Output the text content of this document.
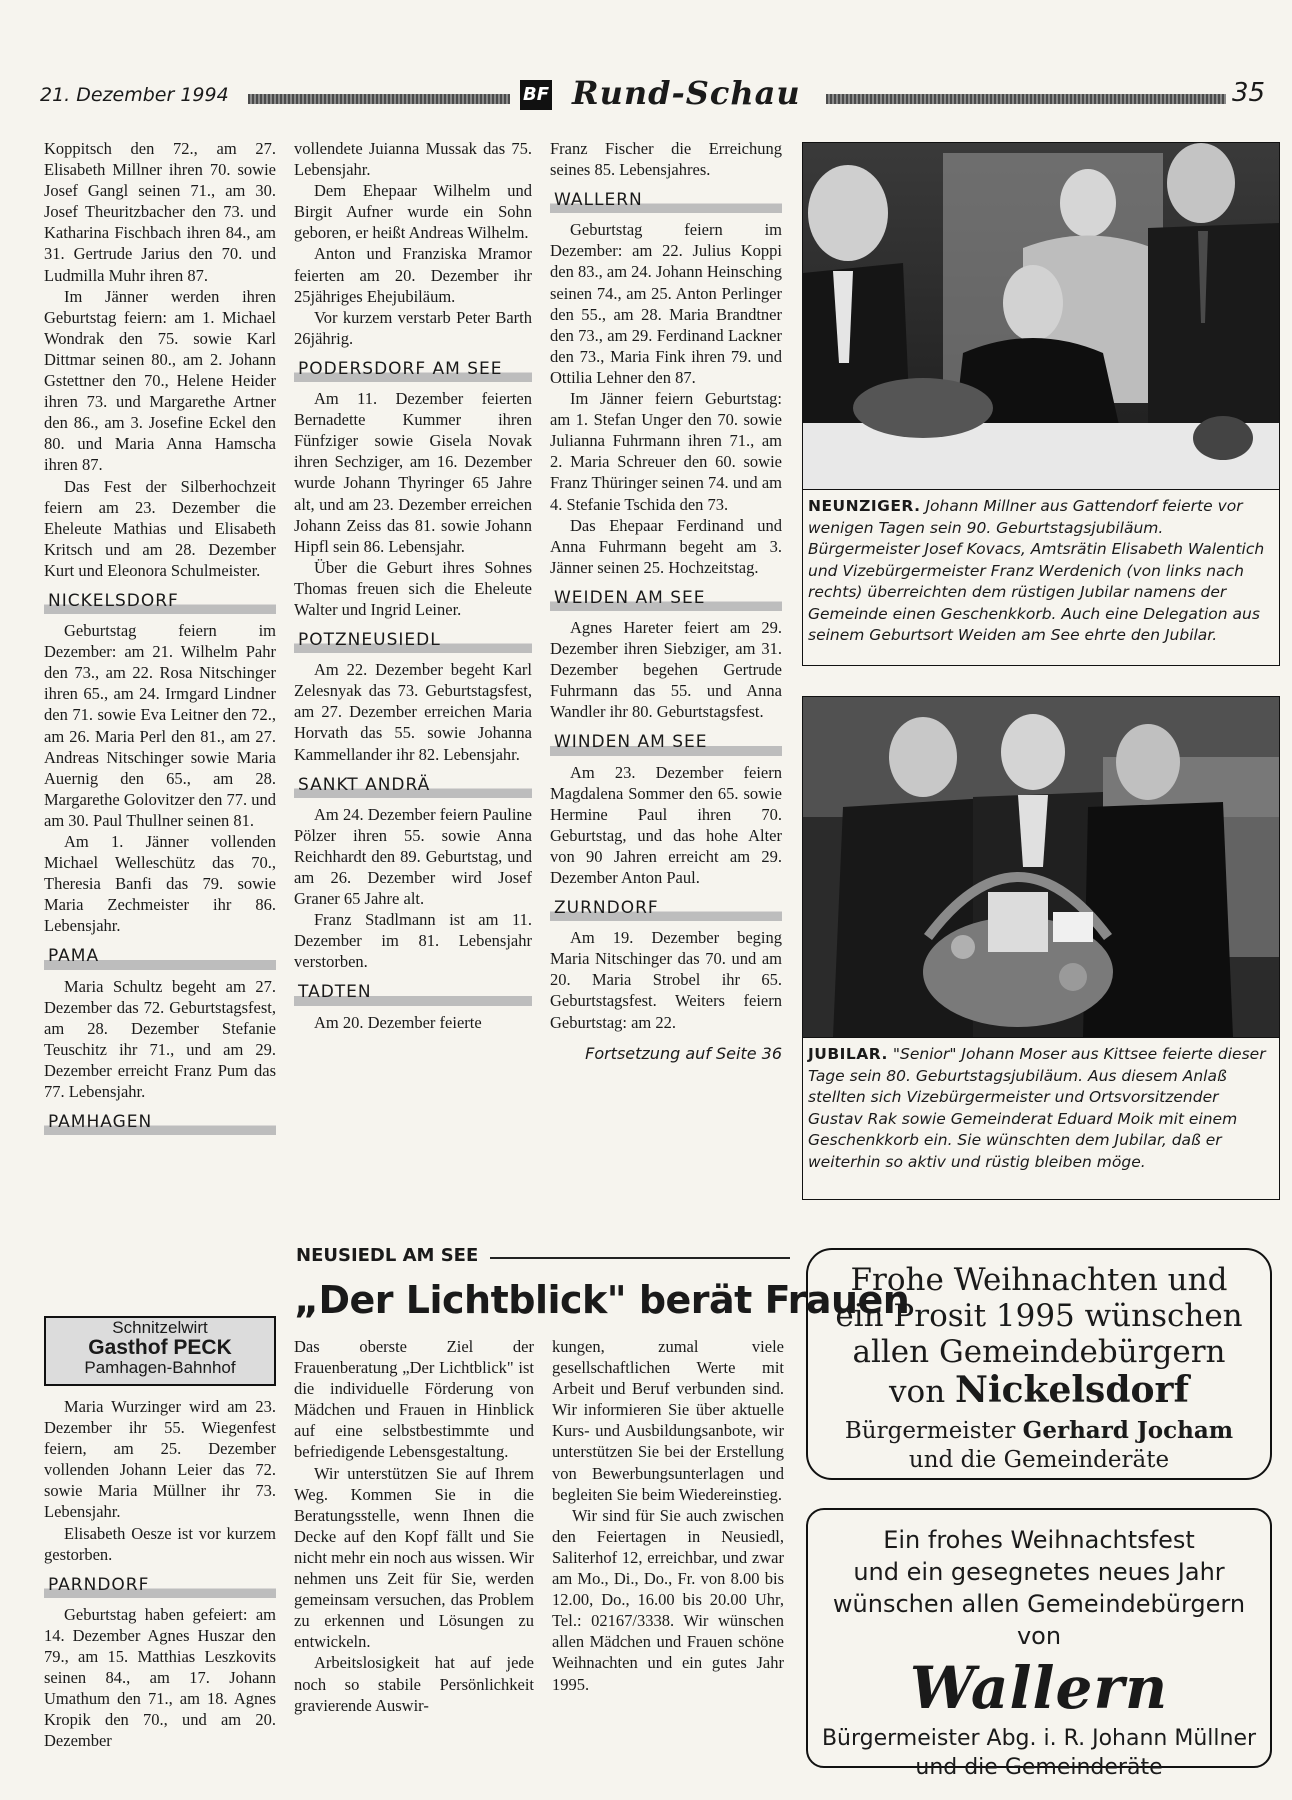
21. Dezember 1994	BF Rund-Schau	35

Koppitsch den 72., am 27. Elisabeth Millner ihren 70. sowie Josef Gangl seinen 71., am 30. Josef Theuritzbacher den 73. und Katharina Fischbach ihren 84., am 31. Gertrude Jarius den 70. und Ludmilla Muhr ihren 87.

Im Jänner werden ihren Geburtstag feiern: am 1. Michael Wondrak den 75. sowie Karl Dittmar seinen 80., am 2. Johann Gstettner den 70., Helene Heider ihren 73. und Margarethe Artner den 86., am 3. Josefine Eckel den 80. und Maria Anna Hamscha ihren 87.

Das Fest der Silberhochzeit feiern am 23. Dezember die Eheleute Mathias und Elisabeth Kritsch und am 28. Dezember Kurt und Eleonora Schulmeister.

NICKELSDORF

Geburtstag feiern im Dezember: am 21. Wilhelm Pahr den 73., am 22. Rosa Nitschinger ihren 65., am 24. Irmgard Lindner den 71. sowie Eva Leitner den 72., am 26. Maria Perl den 81., am 27. Andreas Nitschinger sowie Maria Auernig den 65., am 28. Margarethe Golovitzer den 77. und am 30. Paul Thullner seinen 81.

Am 1. Jänner vollenden Michael Welleschütz das 70., Theresia Banfi das 79. sowie Maria Zechmeister ihr 86. Lebensjahr.

PAMA

Maria Schultz begeht am 27. Dezember das 72. Geburtstagsfest, am 28. Dezember Stefanie Teuschitz ihr 71., und am 29. Dezember erreicht Franz Pum das 77. Lebensjahr.

PAMHAGEN
Schnitzelwirt
Gasthof PECK
Pamhagen-Bahnhof

Maria Wurzinger wird am 23. Dezember ihr 55. Wiegenfest feiern, am 25. Dezember vollenden Johann Leier das 72. sowie Maria Müllner ihr 73. Lebensjahr.

Elisabeth Oesze ist vor kurzem gestorben.

PARNDORF

Geburtstag haben gefeiert: am 14. Dezember Agnes Huszar den 79., am 15. Matthias Leszkovits seinen 84., am 17. Johann Umathum den 71., am 18. Agnes Kropik den 70., und am 20. Dezember

vollendete Juianna Mussak das 75. Lebensjahr.

Dem Ehepaar Wilhelm und Birgit Aufner wurde ein Sohn geboren, er heißt Andreas Wilhelm.

Anton und Franziska Mramor feierten am 20. Dezember ihr 25jähriges Ehejubiläum.

Vor kurzem verstarb Peter Barth 26jährig.

PODERSDORF AM SEE

Am 11. Dezember feierten Bernadette Kummer ihren Fünfziger sowie Gisela Novak ihren Sechziger, am 16. Dezember wurde Johann Thyringer 65 Jahre alt, und am 23. Dezember erreichen Johann Zeiss das 81. sowie Johann Hipfl sein 86. Lebensjahr.

Über die Geburt ihres Sohnes Thomas freuen sich die Eheleute Walter und Ingrid Leiner.

POTZNEUSIEDL

Am 22. Dezember begeht Karl Zelesnyak das 73. Geburtstagsfest, am 27. Dezember erreichen Maria Horvath das 55. sowie Johanna Kammellander ihr 82. Lebensjahr.

SANKT ANDRÄ

Am 24. Dezember feiern Pauline Pölzer ihren 55. sowie Anna Reichhardt den 89. Geburtstag, und am 26. Dezember wird Josef Graner 65 Jahre alt.

Franz Stadlmann ist am 11. Dezember im 81. Lebensjahr verstorben.

TADTEN

Am 20. Dezember feierte

Franz Fischer die Erreichung seines 85. Lebensjahres.

WALLERN

Geburtstag feiern im Dezember: am 22. Julius Koppi den 83., am 24. Johann Heinsching seinen 74., am 25. Anton Perlinger den 55., am 28. Maria Brandtner den 73., am 29. Ferdinand Lackner den 73., Maria Fink ihren 79. und Ottilia Lehner den 87.

Im Jänner feiern Geburtstag: am 1. Stefan Unger den 70. sowie Julianna Fuhrmann ihren 71., am 2. Maria Schreuer den 60. sowie Franz Thüringer seinen 74. und am 4. Stefanie Tschida den 73.

Das Ehepaar Ferdinand und Anna Fuhrmann begeht am 3. Jänner seinen 25. Hochzeitstag.

WEIDEN AM SEE

Agnes Hareter feiert am 29. Dezember ihren Siebziger, am 31. Dezember begehen Gertrude Fuhrmann das 55. und Anna Wandler ihr 80. Geburtstagsfest.

WINDEN AM SEE

Am 23. Dezember feiern Magdalena Sommer den 65. sowie Hermine Paul ihren 70. Geburtstag, und das hohe Alter von 90 Jahren erreicht am 29. Dezember Anton Paul.

ZURNDORF

Am 19. Dezember beging Maria Nitschinger das 70. und am 20. Maria Strobel ihr 65. Geburtstagsfest. Weiters feiern Geburtstag: am 22.

Fortsetzung auf Seite 36
NEUNZIGER. Johann Millner aus Gattendorf feierte vor wenigen Tagen sein 90. Geburtstagsjubiläum. Bürgermeister Josef Kovacs, Amtsrätin Elisabeth Walentich und Vizebürgermeister Franz Werdenich (von links nach rechts) überreichten dem rüstigen Jubilar namens der Gemeinde einen Geschenkkorb. Auch eine Delegation aus seinem Geburtsort Weiden am See ehrte den Jubilar.
JUBILAR. "Senior" Johann Moser aus Kittsee feierte dieser Tage sein 80. Geburtstagsjubiläum. Aus diesem Anlaß stellten sich Vizebürgermeister und Ortsvorsitzender Gustav Rak sowie Gemeinderat Eduard Moik mit einem Geschenkkorb ein. Sie wünschten dem Jubilar, daß er weiterhin so aktiv und rüstig bleiben möge.
NEUSIEDL AM SEE
„Der Lichtblick" berät Frauen

Das oberste Ziel der Frauenberatung „Der Lichtblick" ist die individuelle Förderung von Mädchen und Frauen in Hinblick auf eine selbstbestimmte und befriedigende Lebensgestaltung.

Wir unterstützen Sie auf Ihrem Weg. Kommen Sie in die Beratungsstelle, wenn Ihnen die Decke auf den Kopf fällt und Sie nicht mehr ein noch aus wissen. Wir nehmen uns Zeit für Sie, werden gemeinsam versuchen, das Problem zu erkennen und Lösungen zu entwickeln.

Arbeitslosigkeit hat auf jede noch so stabile Persönlichkeit gravierende Auswir-

kungen, zumal viele gesellschaftlichen Werte mit Arbeit und Beruf verbunden sind. Wir informieren Sie über aktuelle Kurs- und Ausbildungsanbote, wir unterstützen Sie bei der Erstellung von Bewerbungsunterlagen und begleiten Sie beim Wiedereinstieg.

Wir sind für Sie auch zwischen den Feiertagen in Neusiedl, Saliterhof 12, erreichbar, und zwar am Mo., Di., Do., Fr. von 8.00 bis 12.00, Do., 16.00 bis 20.00 Uhr, Tel.: 02167/3338. Wir wünschen allen Mädchen und Frauen schöne Weihnachten und ein gutes Jahr 1995.

Frohe Weihnachten und
ein Prosit 1995 wünschen
allen Gemeindebürgern
von Nickelsdorf
Bürgermeister Gerhard Jocham
und die Gemeinderäte
Ein frohes Weihnachtsfest
und ein gesegnetes neues Jahr
wünschen allen Gemeindebürgern von
Wallern
Bürgermeister Abg. i. R. Johann Müllner
und die Gemeinderäte
